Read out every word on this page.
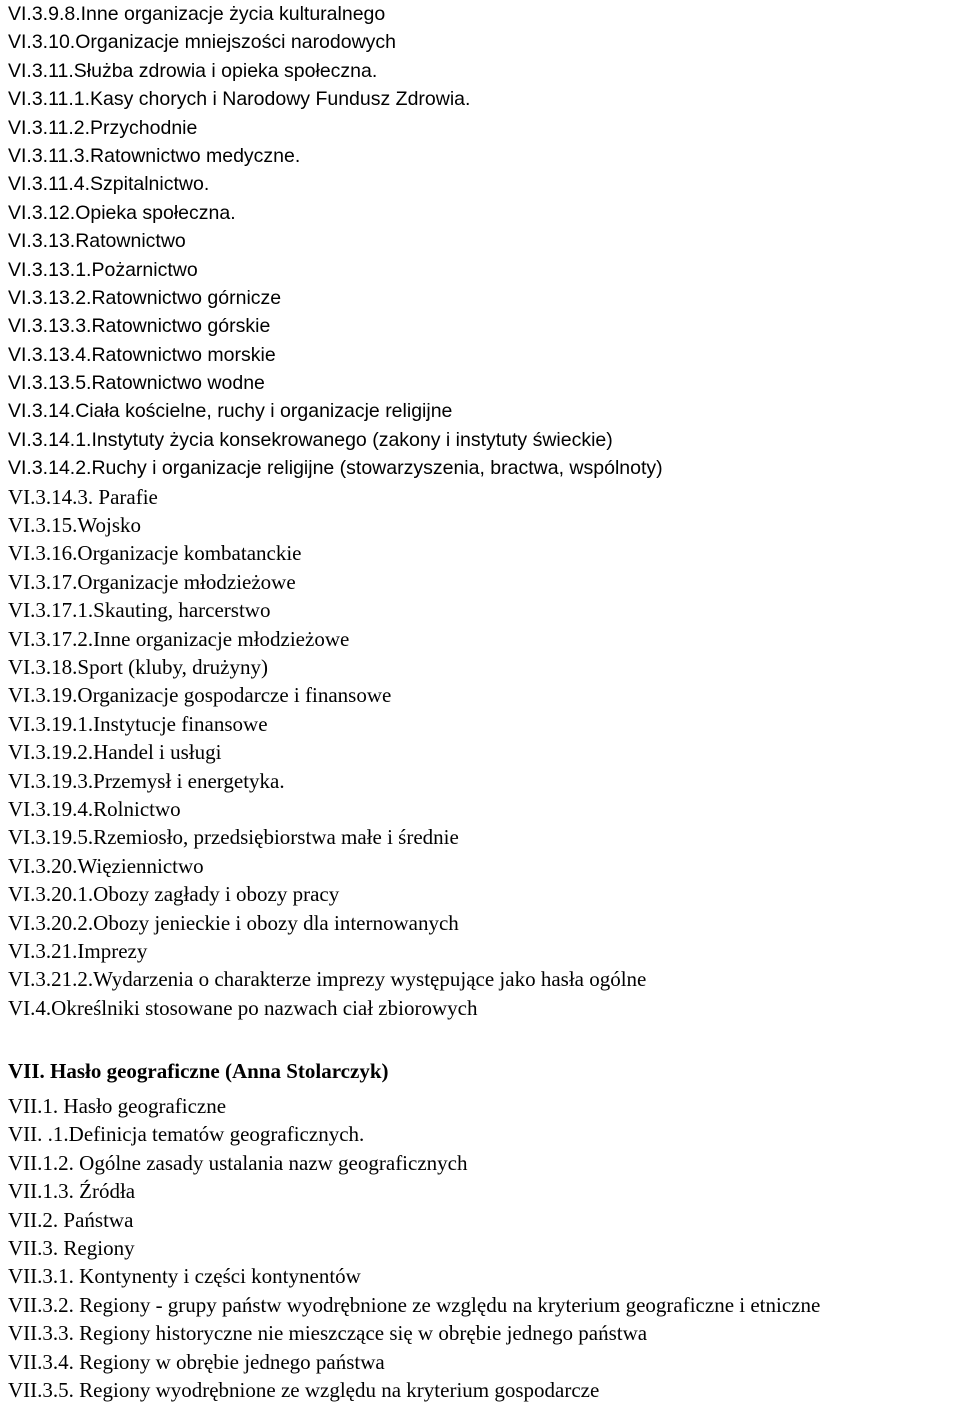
VI.3.9.8.Inne organizacje życia kulturalnego
VI.3.10.Organizacje mniejszości narodowych
VI.3.11.Służba zdrowia i opieka społeczna.
VI.3.11.1.Kasy chorych i Narodowy Fundusz Zdrowia.
VI.3.11.2.Przychodnie
VI.3.11.3.Ratownictwo medyczne.
VI.3.11.4.Szpitalnictwo.
VI.3.12.Opieka społeczna.
VI.3.13.Ratownictwo
VI.3.13.1.Pożarnictwo
VI.3.13.2.Ratownictwo górnicze
VI.3.13.3.Ratownictwo górskie
VI.3.13.4.Ratownictwo morskie
VI.3.13.5.Ratownictwo wodne
VI.3.14.Ciała kościelne, ruchy i organizacje religijne
VI.3.14.1.Instytuty życia konsekrowanego (zakony i instytuty świeckie)
VI.3.14.2.Ruchy i organizacje religijne (stowarzyszenia, bractwa, wspólnoty)
VI.3.14.3. Parafie
VI.3.15.Wojsko
VI.3.16.Organizacje kombatanckie
VI.3.17.Organizacje młodzieżowe
VI.3.17.1.Skauting, harcerstwo
VI.3.17.2.Inne organizacje młodzieżowe
VI.3.18.Sport (kluby, drużyny)
VI.3.19.Organizacje gospodarcze i finansowe
VI.3.19.1.Instytucje finansowe
VI.3.19.2.Handel i usługi
VI.3.19.3.Przemysł i energetyka.
VI.3.19.4.Rolnictwo
VI.3.19.5.Rzemiosło, przedsiębiorstwa małe i średnie
VI.3.20.Więziennictwo
VI.3.20.1.Obozy zagłady i obozy pracy
VI.3.20.2.Obozy jenieckie i obozy dla internowanych
VI.3.21.Imprezy
VI.3.21.2.Wydarzenia o charakterze imprezy występujące jako hasła ogólne
VI.4.Określniki stosowane po nazwach ciał zbiorowych
VII. Hasło geograficzne (Anna Stolarczyk)
VII.1. Hasło geograficzne
VII. .1.Definicja tematów geograficznych.
VII.1.2. Ogólne zasady ustalania nazw geograficznych
VII.1.3. Źródła
VII.2. Państwa
VII.3. Regiony
VII.3.1. Kontynenty i części kontynentów
VII.3.2. Regiony - grupy państw wyodrębnione ze względu na kryterium geograficzne i etniczne
VII.3.3. Regiony historyczne nie mieszczące się w obrębie jednego państwa
VII.3.4. Regiony w obrębie jednego państwa
VII.3.5. Regiony wyodrębnione ze względu na kryterium gospodarcze
